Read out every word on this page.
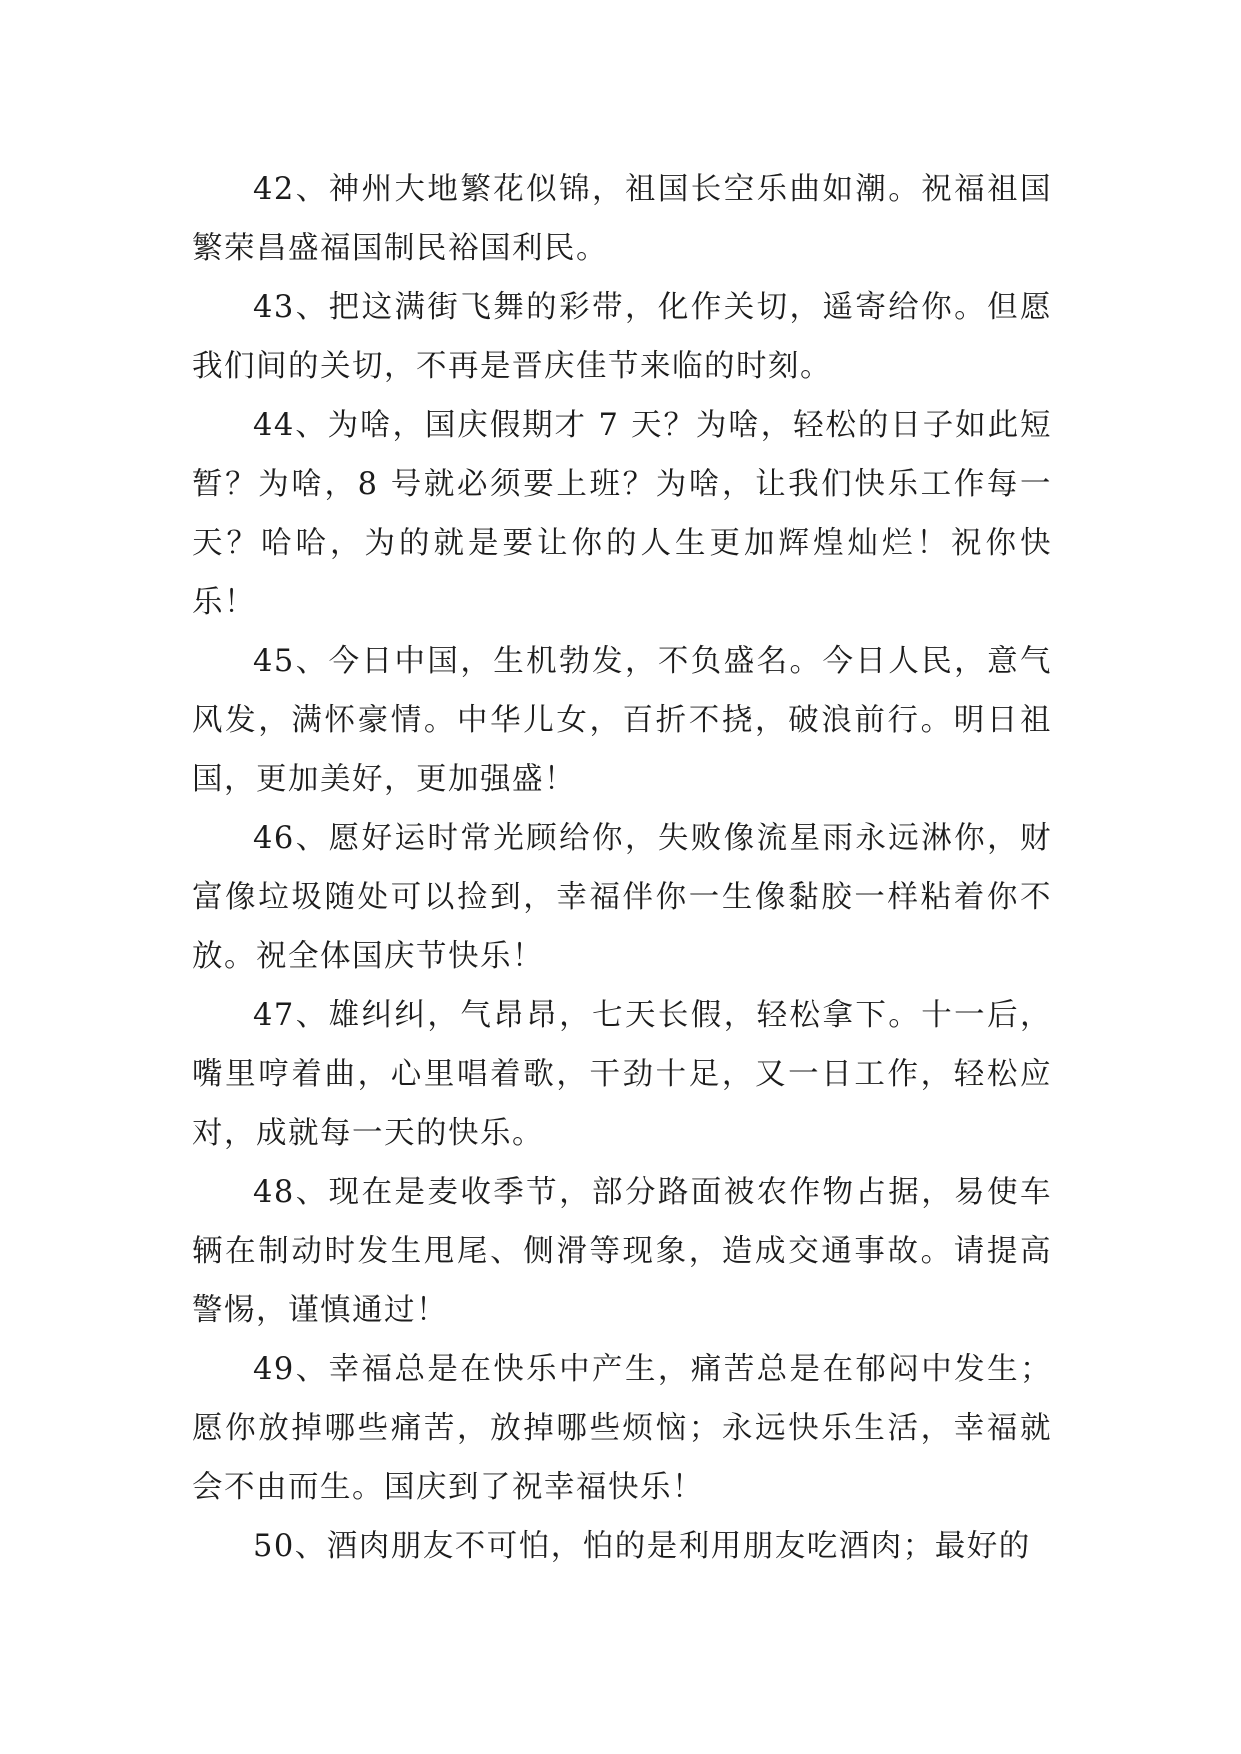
42、神州大地繁花似锦，祖国长空乐曲如潮。祝福祖国繁荣昌盛福国制民裕国利民。

43、把这满街飞舞的彩带，化作关切，遥寄给你。但愿我们间的关切，不再是晋庆佳节来临的时刻。

44、为啥，国庆假期才 7 天？为啥，轻松的日子如此短暂？为啥，8 号就必须要上班？为啥，让我们快乐工作每一天？哈哈，为的就是要让你的人生更加辉煌灿烂！祝你快乐！

45、今日中国，生机勃发，不负盛名。今日人民，意气风发，满怀豪情。中华儿女，百折不挠，破浪前行。明日祖国，更加美好，更加强盛！

46、愿好运时常光顾给你，失败像流星雨永远淋你，财富像垃圾随处可以捡到，幸福伴你一生像黏胶一样粘着你不放。祝全体国庆节快乐！

47、雄纠纠，气昂昂，七天长假，轻松拿下。十一后，嘴里哼着曲，心里唱着歌，干劲十足，又一日工作，轻松应对，成就每一天的快乐。

48、现在是麦收季节，部分路面被农作物占据，易使车辆在制动时发生甩尾、侧滑等现象，造成交通事故。请提高警惕，谨慎通过！

49、幸福总是在快乐中产生，痛苦总是在郁闷中发生；愿你放掉哪些痛苦，放掉哪些烦恼；永远快乐生活，幸福就会不由而生。国庆到了祝幸福快乐！

50、酒肉朋友不可怕，怕的是利用朋友吃酒肉；最好的
